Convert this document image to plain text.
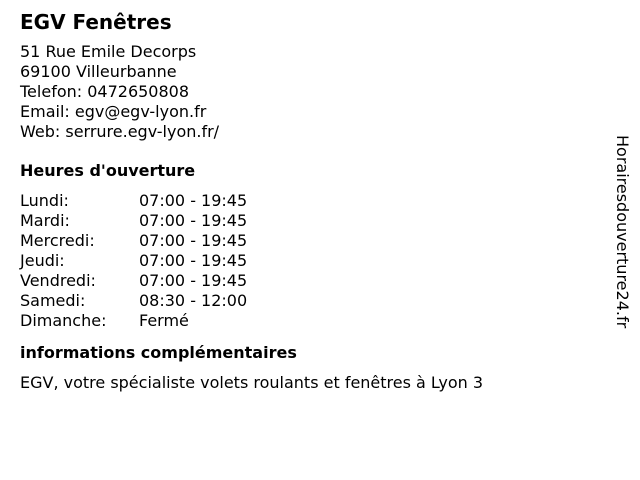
EGV Fenêtres
51 Rue Emile Decorps
69100 Villeurbanne
Telefon: 0472650808
Email: egv@egv-lyon.fr
Web: serrure.egv-lyon.fr/
Heures d'ouverture
Lundi:	07:00 - 19:45
Mardi:	07:00 - 19:45
Mercredi:	07:00 - 19:45
Jeudi:	07:00 - 19:45
Vendredi:	07:00 - 19:45
Samedi:	08:30 - 12:00
Dimanche:	Fermé
informations complémentaires
EGV, votre spécialiste volets roulants et fenêtres à Lyon 3
Horairesdouverture24.fr
